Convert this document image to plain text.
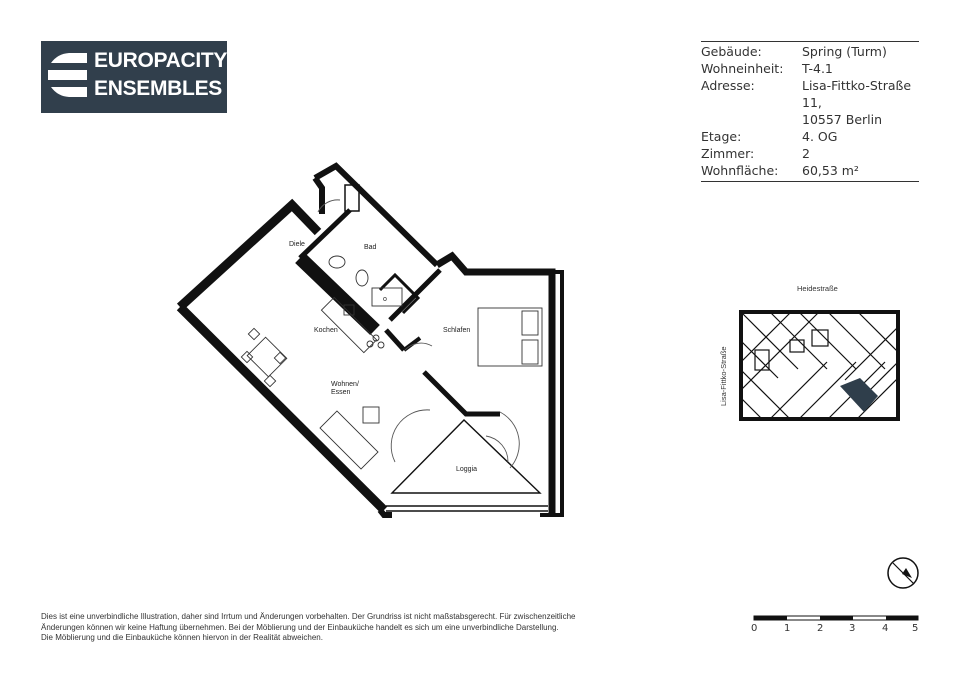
EUROPACITY
ENSEMBLES
Gebäude:	Spring (Turm)
Wohneinheit:	T-4.1
Adresse:	Lisa-Fittko-Straße 11,
10557 Berlin
Etage:	4. OG
Zimmer:	2
Wohnfläche:	60,53 m²
Diele	Bad
o
Kochen	Schlafen
Wohnen/
Essen
Loggia
Heidestraße
Lisa-Fittko-Straße
Dies ist eine unverbindliche Illustration, daher sind Irrtum und Änderungen vorbehalten. Der Grundriss ist nicht maßstabsgerecht. Für zwischenzeitliche
Änderungen können wir keine Haftung übernehmen. Bei der Möblierung und der Einbauküche handelt es sich um eine unverbindliche Darstellung.
Die Möblierung und die Einbauküche können hiervon in der Realität abweichen.
0	1	2	3	4 5
